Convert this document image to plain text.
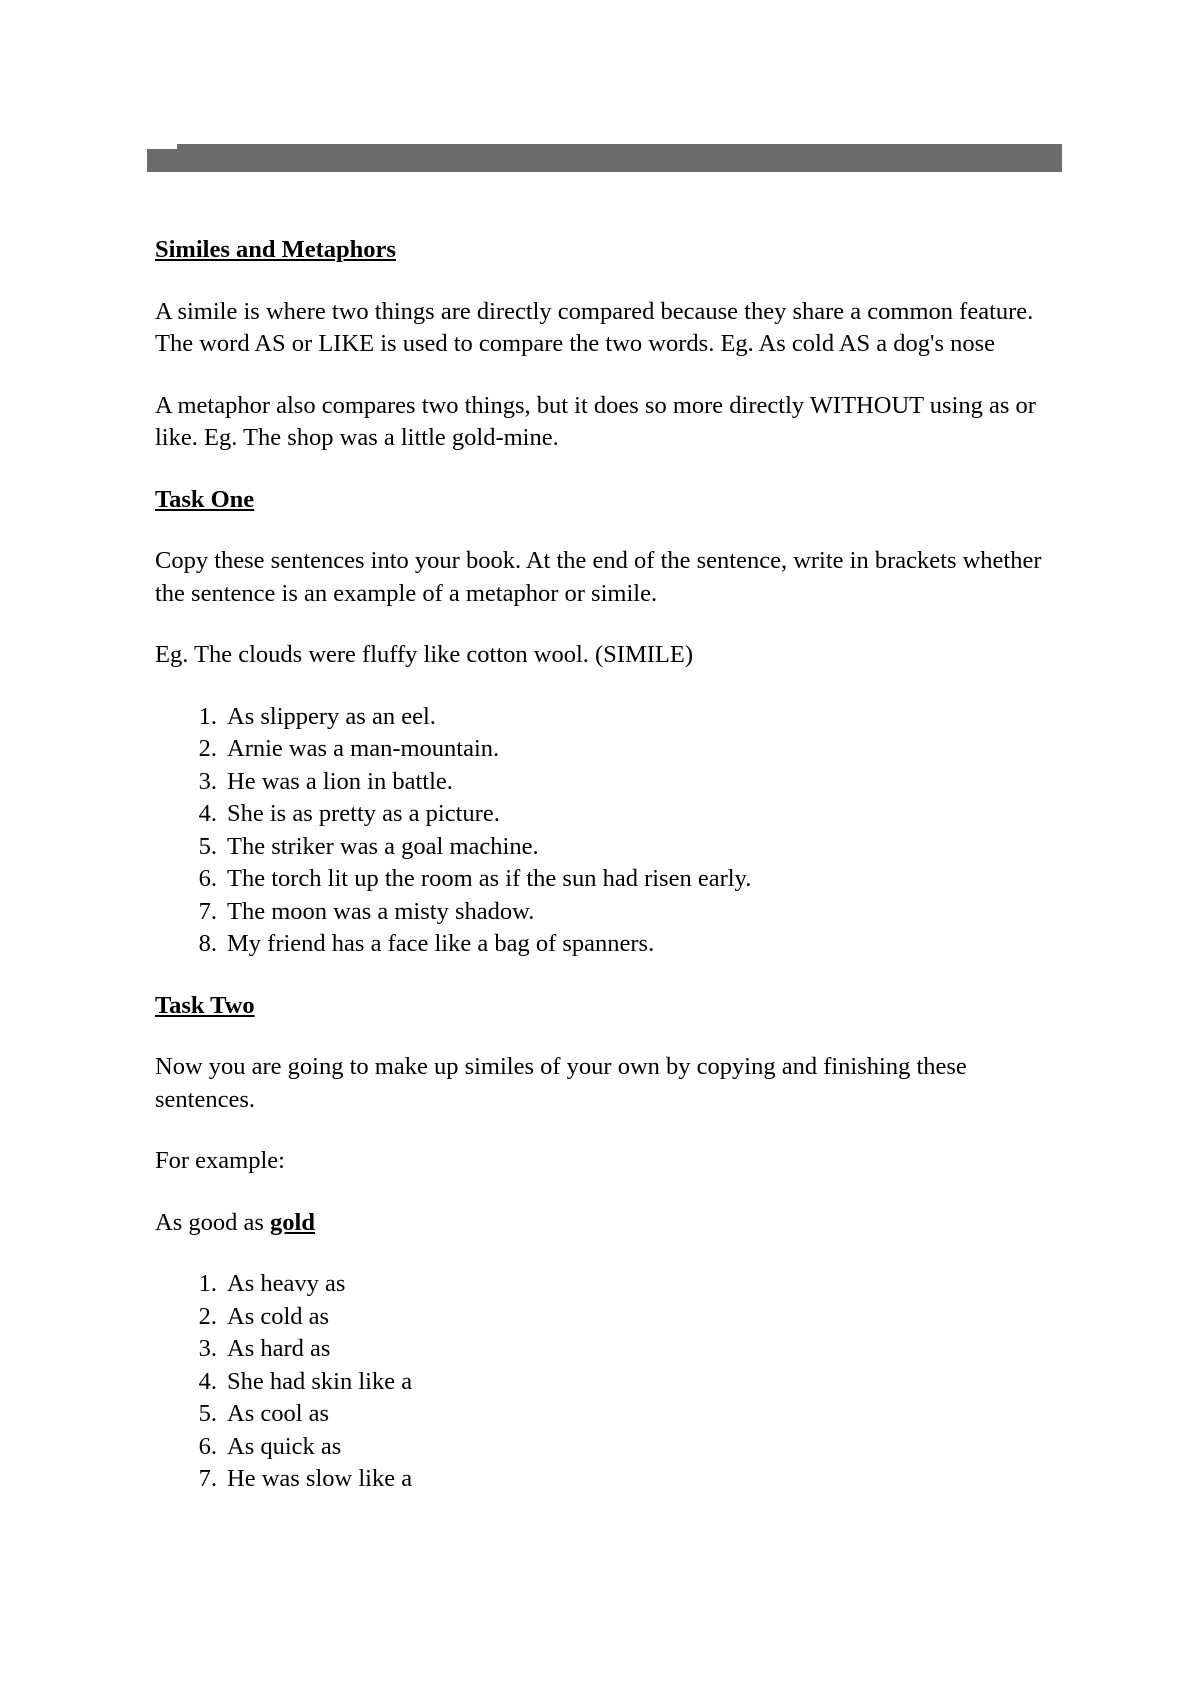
Similes and Metaphors

A simile is where two things are directly compared because they share a common feature. The word AS or LIKE is used to compare the two words. Eg. As cold AS a dog's nose

A metaphor also compares two things, but it does so more directly WITHOUT using as or like. Eg. The shop was a little gold-mine.

Task One

Copy these sentences into your book. At the end of the sentence, write in brackets whether the sentence is an example of a metaphor or simile.

Eg. The clouds were fluffy like cotton wool. (SIMILE)

1. As slippery as an eel.
2. Arnie was a man-mountain.
3. He was a lion in battle.
4. She is as pretty as a picture.
5. The striker was a goal machine.
6. The torch lit up the room as if the sun had risen early.
7. The moon was a misty shadow.
8. My friend has a face like a bag of spanners.

Task Two

Now you are going to make up similes of your own by copying and finishing these sentences.

For example:

As good as gold

1. As heavy as
2. As cold as
3. As hard as
4. She had skin like a
5. As cool as
6. As quick as
7. He was slow like a
